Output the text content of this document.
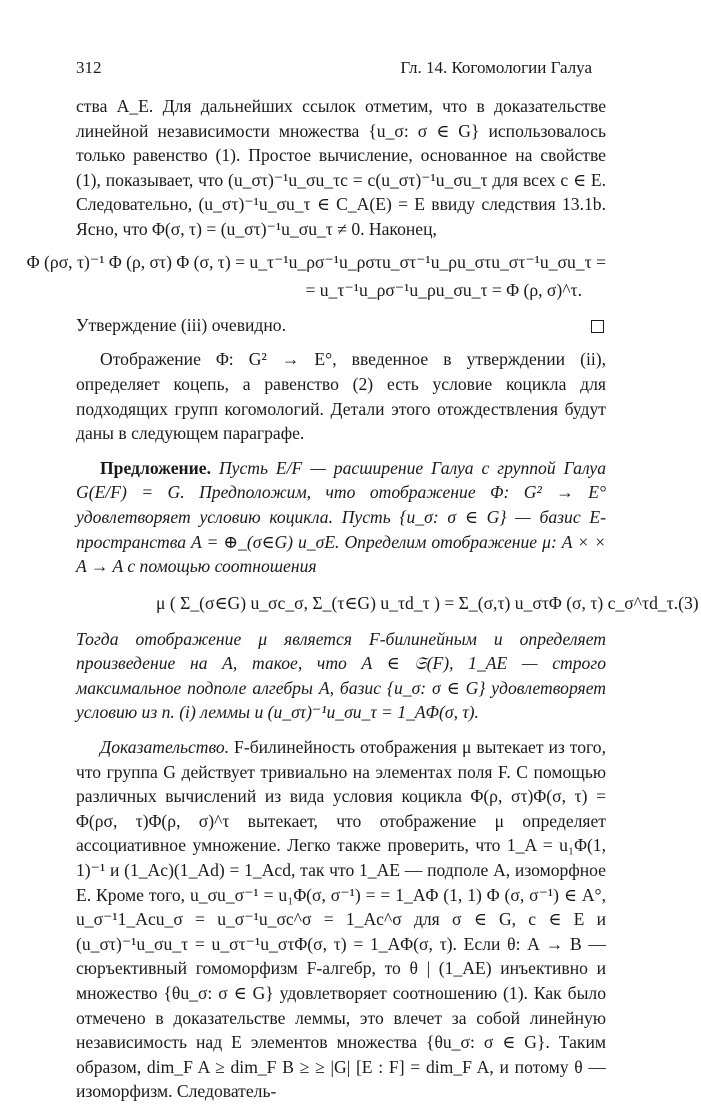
312	Гл. 14. Когомологии Галуа

ства A_E. Для дальнейших ссылок отметим, что в доказательстве линейной независимости множества {u_σ: σ ∈ G} использовалось только равенство (1). Простое вычисление, основанное на свойстве (1), показывает, что (u_στ)⁻¹u_σu_τc = c(u_στ)⁻¹u_σu_τ для всех c ∈ E. Следовательно, (u_στ)⁻¹u_σu_τ ∈ C_A(E) = E ввиду следствия 13.1b. Ясно, что Φ(σ, τ) = (u_στ)⁻¹u_σu_τ ≠ 0. Наконец,

Φ (ρσ, τ)⁻¹ Φ (ρ, στ) Φ (σ, τ) = u_τ⁻¹u_ρσ⁻¹u_ρστu_στ⁻¹u_ρu_στu_στ⁻¹u_σu_τ =
= u_τ⁻¹u_ρσ⁻¹u_ρu_σu_τ = Φ (ρ, σ)^τ.
Утверждение (iii) очевидно.

Отображение Φ: G² → E°, введенное в утверждении (ii), определяет коцепь, а равенство (2) есть условие коцикла для подходящих групп когомологий. Детали этого отождествления будут даны в следующем параграфе.

Предложение. Пусть E/F — расширение Галуа с группой Галуа G(E/F) = G. Предположим, что отображение Φ: G² → E° удовлетворяет условию коцикла. Пусть {u_σ: σ ∈ G} — базис E-пространства A = ⊕_(σ∈G) u_σE. Определим отображение μ: A × × A → A с помощью соотношения

μ ( Σ_(σ∈G) u_σc_σ, Σ_(τ∈G) u_τd_τ ) = Σ_(σ,τ) u_στΦ (σ, τ) c_σ^τd_τ. (3)

Тогда отображение μ является F-билинейным и определяет произведение на A, такое, что A ∈ 𝔖(F), 1_AE — строго максимальное подполе алгебры A, базис {u_σ: σ ∈ G} удовлетворяет условию из п. (i) леммы и (u_στ)⁻¹u_σu_τ = 1_AΦ(σ, τ).

Доказательство. F-билинейность отображения μ вытекает из того, что группа G действует тривиально на элементах поля F. С помощью различных вычислений из вида условия коцикла Φ(ρ, στ)Φ(σ, τ) = Φ(ρσ, τ)Φ(ρ, σ)^τ вытекает, что отображение μ определяет ассоциативное умножение. Легко также проверить, что 1_A = u₁Φ(1, 1)⁻¹ и (1_Ac)(1_Ad) = 1_Acd, так что 1_AE — подполе A, изоморфное E. Кроме того, u_σu_σ⁻¹ = u₁Φ(σ, σ⁻¹) = = 1_AΦ (1, 1) Φ (σ, σ⁻¹) ∈ A°, u_σ⁻¹1_Acu_σ = u_σ⁻¹u_σc^σ = 1_Ac^σ для σ ∈ G, c ∈ E и (u_στ)⁻¹u_σu_τ = u_στ⁻¹u_στΦ(σ, τ) = 1_AΦ(σ, τ). Если θ: A → B — сюръективный гомоморфизм F-алгебр, то θ | (1_AE) инъективно и множество {θu_σ: σ ∈ G} удовлетворяет соотношению (1). Как было отмечено в доказательстве леммы, это влечет за собой линейную независимость над E элементов множества {θu_σ: σ ∈ G}. Таким образом, dim_F A ≥ dim_F B ≥ ≥ |G| [E : F] = dim_F A, и потому θ — изоморфизм. Следователь-
